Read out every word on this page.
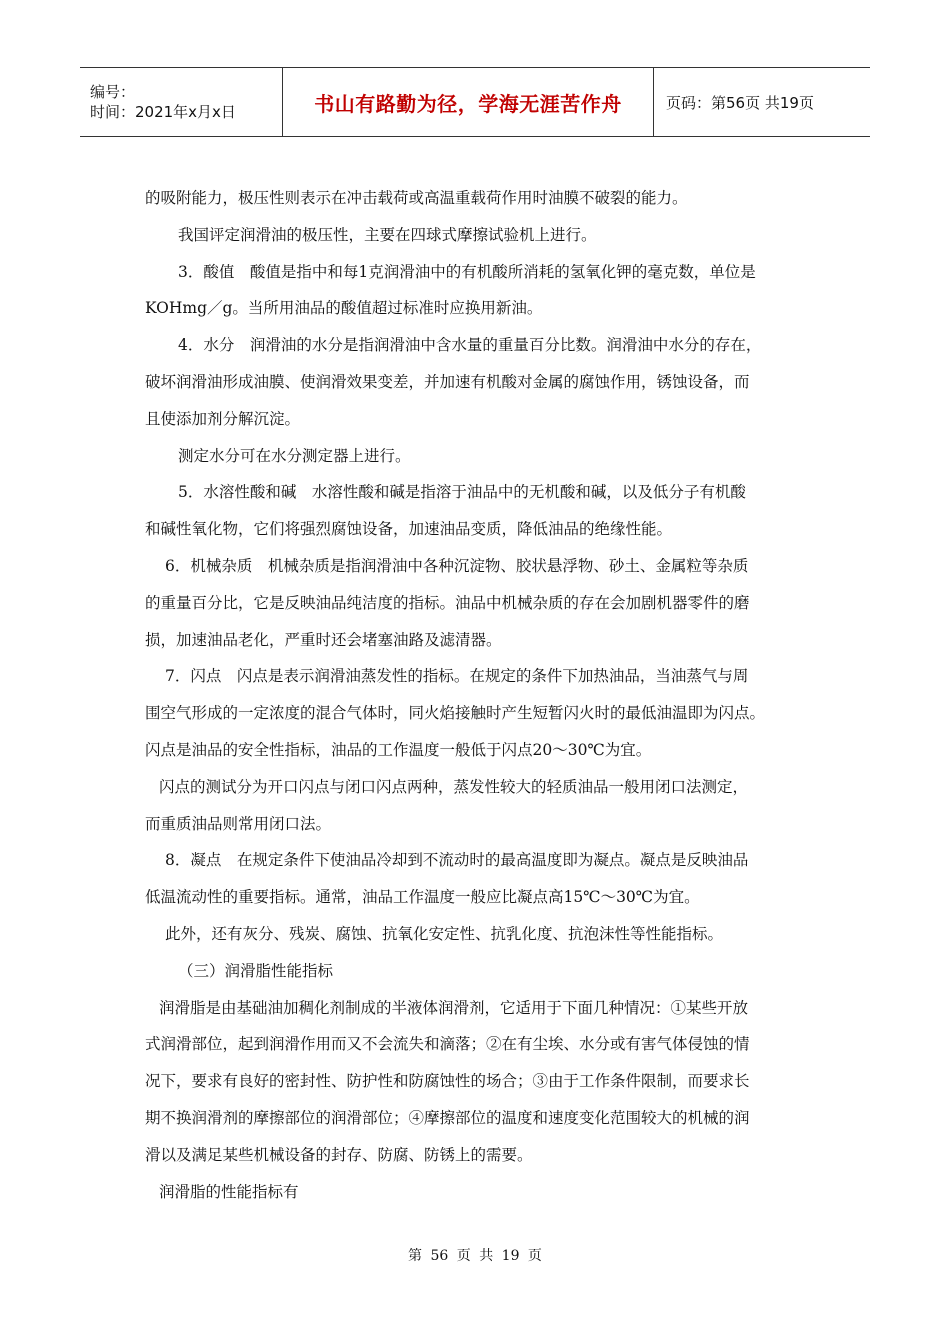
编号：
时间：2021年x月x日	书山有路勤为径，学海无涯苦作舟	页码：第56页 共19页

的吸附能力，极压性则表示在冲击载荷或高温重载荷作用时油膜不破裂的能力。

我国评定润滑油的极压性，主要在四球式摩擦试验机上进行。

3．酸值　酸值是指中和每1克润滑油中的有机酸所消耗的氢氧化钾的毫克数，单位是

KOHmg／g。当所用油品的酸值超过标准时应换用新油。

4．水分　润滑油的水分是指润滑油中含水量的重量百分比数。润滑油中水分的存在，

破坏润滑油形成油膜、使润滑效果变差，并加速有机酸对金属的腐蚀作用，锈蚀设备，而

且使添加剂分解沉淀。

测定水分可在水分测定器上进行。

5．水溶性酸和碱　水溶性酸和碱是指溶于油品中的无机酸和碱，以及低分子有机酸

和碱性氧化物，它们将强烈腐蚀设备，加速油品变质，降低油品的绝缘性能。

6．机械杂质　机械杂质是指润滑油中各种沉淀物、胶状悬浮物、砂土、金属粒等杂质

的重量百分比，它是反映油品纯洁度的指标。油品中机械杂质的存在会加剧机器零件的磨

损，加速油品老化，严重时还会堵塞油路及滤清器。

7．闪点　闪点是表示润滑油蒸发性的指标。在规定的条件下加热油品，当油蒸气与周

围空气形成的一定浓度的混合气体时，同火焰接触时产生短暂闪火时的最低油温即为闪点。

闪点是油品的安全性指标，油品的工作温度一般低于闪点20～30℃为宜。

闪点的测试分为开口闪点与闭口闪点两种，蒸发性较大的轻质油品一般用闭口法测定，

而重质油品则常用闭口法。

8．凝点　在规定条件下使油品冷却到不流动时的最高温度即为凝点。凝点是反映油品

低温流动性的重要指标。通常，油品工作温度一般应比凝点高15℃～30℃为宜。

此外，还有灰分、残炭、腐蚀、抗氧化安定性、抗乳化度、抗泡沫性等性能指标。

（三）润滑脂性能指标

润滑脂是由基础油加稠化剂制成的半液体润滑剂，它适用于下面几种情况：①某些开放

式润滑部位，起到润滑作用而又不会流失和滴落；②在有尘埃、水分或有害气体侵蚀的情

况下，要求有良好的密封性、防护性和防腐蚀性的场合；③由于工作条件限制，而要求长

期不换润滑剂的摩擦部位的润滑部位；④摩擦部位的温度和速度变化范围较大的机械的润

滑以及满足某些机械设备的封存、防腐、防锈上的需要。

润滑脂的性能指标有

第 56 页 共 19 页
